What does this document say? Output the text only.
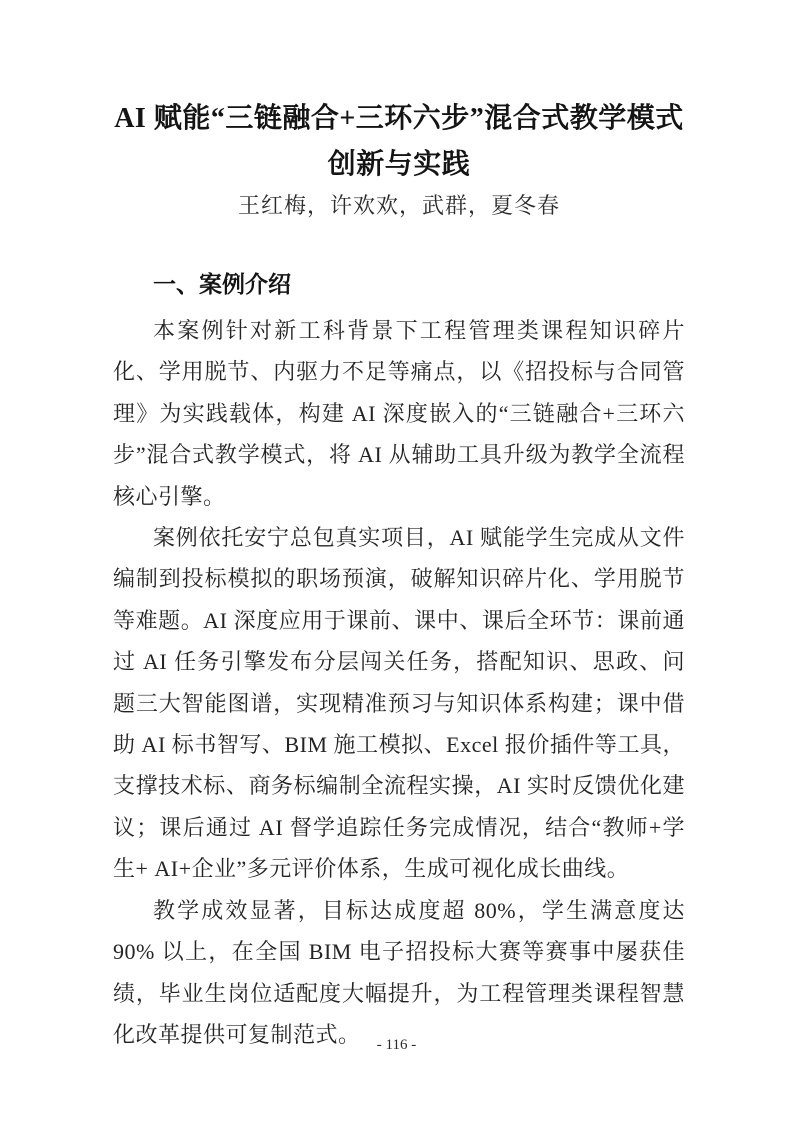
AI 赋能“三链融合+三环六步”混合式教学模式
创新与实践
王红梅，许欢欢，武群，夏冬春
一、案例介绍

本案例针对新工科背景下工程管理类课程知识碎片化、学用脱节、内驱力不足等痛点，以《招投标与合同管理》为实践载体，构建 AI 深度嵌入的“三链融合+三环六步”混合式教学模式，将 AI 从辅助工具升级为教学全流程核心引擎。

案例依托安宁总包真实项目，AI 赋能学生完成从文件编制到投标模拟的职场预演，破解知识碎片化、学用脱节等难题。AI 深度应用于课前、课中、课后全环节：课前通过 AI 任务引擎发布分层闯关任务，搭配知识、思政、问题三大智能图谱，实现精准预习与知识体系构建；课中借助 AI 标书智写、BIM 施工模拟、Excel 报价插件等工具，支撑技术标、商务标编制全流程实操，AI 实时反馈优化建议；课后通过 AI 督学追踪任务完成情况，结合“教师+学生+ AI+企业”多元评价体系，生成可视化成长曲线。

教学成效显著，目标达成度超 80%，学生满意度达 90% 以上，在全国 BIM 电子招投标大赛等赛事中屡获佳绩，毕业生岗位适配度大幅提升，为工程管理类课程智慧化改革提供可复制范式。	- 116 -
